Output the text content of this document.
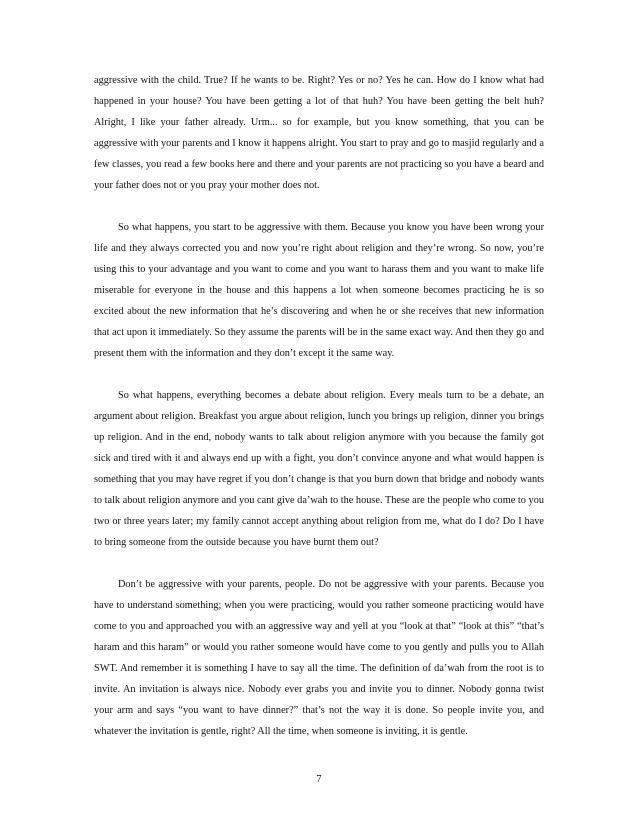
aggressive with the child. True? If he wants to be. Right? Yes or no? Yes he can. How do I know what had happened in your house? You have been getting a lot of that huh? You have been getting the belt huh? Alright, I like your father already. Urm... so for example, but you know something, that you can be aggressive with your parents and I know it happens alright. You start to pray and go to masjid regularly and a few classes, you read a few books here and there and your parents are not practicing so you have a beard and your father does not or you pray your mother does not.

So what happens, you start to be aggressive with them. Because you know you have been wrong your life and they always corrected you and now you’re right about religion and they’re wrong. So now, you’re using this to your advantage and you want to come and you want to harass them and you want to make life miserable for everyone in the house and this happens a lot when someone becomes practicing he is so excited about the new information that he’s discovering and when he or she receives that new information that act upon it immediately. So they assume the parents will be in the same exact way. And then they go and present them with the information and they don’t except it the same way.

So what happens, everything becomes a debate about religion. Every meals turn to be a debate, an argument about religion. Breakfast you argue about religion, lunch you brings up religion, dinner you brings up religion. And in the end, nobody wants to talk about religion anymore with you because the family got sick and tired with it and always end up with a fight, you don’t convince anyone and what would happen is something that you may have regret if you don’t change is that you burn down that bridge and nobody wants to talk about religion anymore and you cant give da’wah to the house. These are the people who come to you two or three years later; my family cannot accept anything about religion from me, what do I do? Do I have to bring someone from the outside because you have burnt them out?

Don’t be aggressive with your parents, people. Do not be aggressive with your parents. Because you have to understand something; when you were practicing, would you rather someone practicing would have come to you and approached you with an aggressive way and yell at you “look at that” “look at this” “that’s haram and this haram” or would you rather someone would have come to you gently and pulls you to Allah SWT. And remember it is something I have to say all the time. The definition of da’wah from the root is to invite. An invitation is always nice. Nobody ever grabs you and invite you to dinner. Nobody gonna twist your arm and says “you want to have dinner?” that’s not the way it is done. So people invite you, and whatever the invitation is gentle, right? All the time, when someone is inviting, it is gentle.

7
